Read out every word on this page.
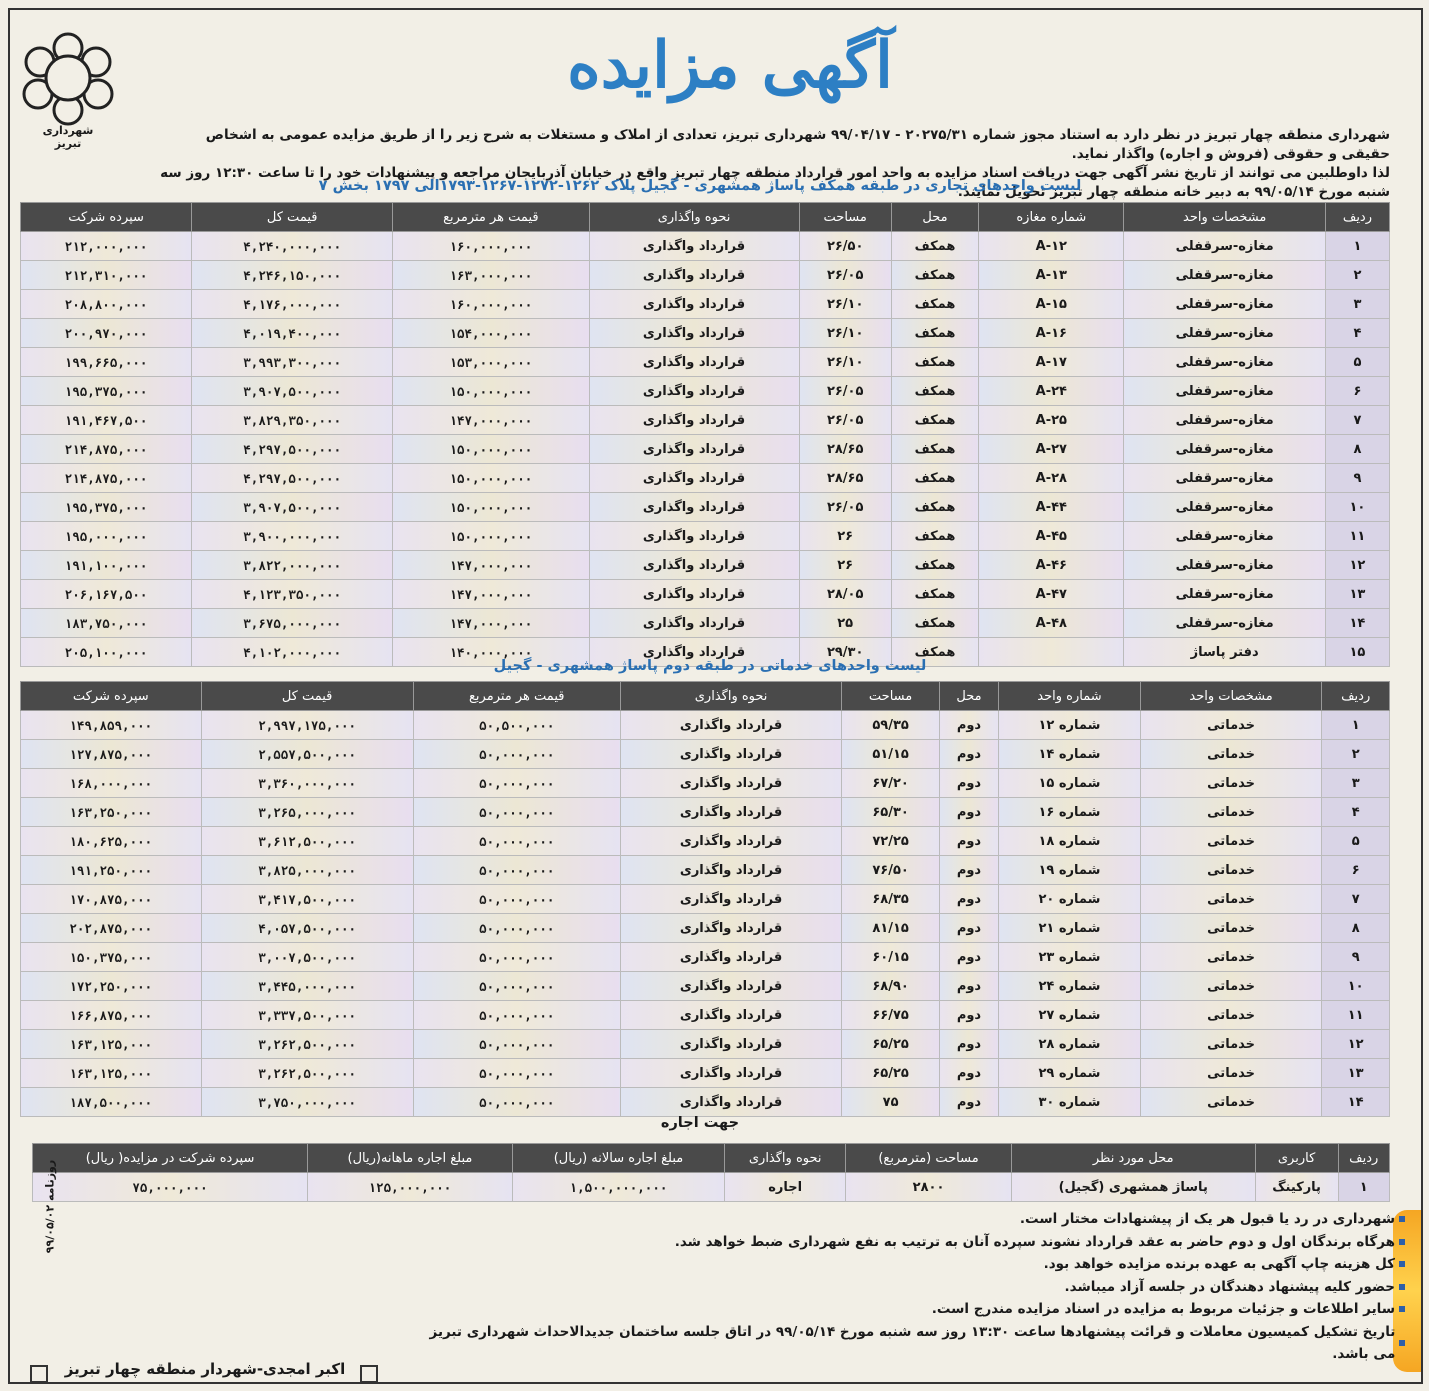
شهرداری تبریز
آگهی مزایده

شهرداری منطقه چهار تبریز در نظر دارد به استناد مجوز شماره ۲۰۲۷۵/۳۱ - ۹۹/۰۴/۱۷ شهرداری تبریز، تعدادی از املاک و مستغلات به شرح زیر را از طریق مزایده عمومی به اشخاص حقیقی و حقوقی (فروش و اجاره) واگذار نماید.

لذا داوطلبین می توانند از تاریخ نشر آگهی جهت دریافت اسناد مزایده به واحد امور قرارداد منطقه چهار تبریز واقع در خیابان آذربایجان مراجعه و پیشنهادات خود را تا ساعت ۱۲:۳۰ روز سه شنبه مورخ ۹۹/۰۵/۱۴ به دبیر خانه منطقه چهار تبریز تحویل نمایند.

لیست واحدهای تجاری در طبقه همکف پاساژ همشهری - گجیل پلاک ۱۲۶۲-۱۲۷۲-۱۲۶۷-۱۷۹۳الی ۱۷۹۷ بخش ۷
ردیف	مشخصات واحد	شماره مغازه	محل	مساحت	نحوه واگذاری	قیمت هر مترمربع	قیمت کل	سپرده شرکت
۱	مغازه-سرقفلی	A-۱۲	همکف	۲۶/۵۰	قرارداد واگذاری	۱۶۰,۰۰۰,۰۰۰	۴,۲۴۰,۰۰۰,۰۰۰	۲۱۲,۰۰۰,۰۰۰
۲	مغازه-سرقفلی	A-۱۳	همکف	۲۶/۰۵	قرارداد واگذاری	۱۶۳,۰۰۰,۰۰۰	۴,۲۴۶,۱۵۰,۰۰۰	۲۱۲,۳۱۰,۰۰۰
۳	مغازه-سرقفلی	A-۱۵	همکف	۲۶/۱۰	قرارداد واگذاری	۱۶۰,۰۰۰,۰۰۰	۴,۱۷۶,۰۰۰,۰۰۰	۲۰۸,۸۰۰,۰۰۰
۴	مغازه-سرقفلی	A-۱۶	همکف	۲۶/۱۰	قرارداد واگذاری	۱۵۴,۰۰۰,۰۰۰	۴,۰۱۹,۴۰۰,۰۰۰	۲۰۰,۹۷۰,۰۰۰
۵	مغازه-سرقفلی	A-۱۷	همکف	۲۶/۱۰	قرارداد واگذاری	۱۵۳,۰۰۰,۰۰۰	۳,۹۹۳,۳۰۰,۰۰۰	۱۹۹,۶۶۵,۰۰۰
۶	مغازه-سرقفلی	A-۲۴	همکف	۲۶/۰۵	قرارداد واگذاری	۱۵۰,۰۰۰,۰۰۰	۳,۹۰۷,۵۰۰,۰۰۰	۱۹۵,۳۷۵,۰۰۰
۷	مغازه-سرقفلی	A-۲۵	همکف	۲۶/۰۵	قرارداد واگذاری	۱۴۷,۰۰۰,۰۰۰	۳,۸۲۹,۳۵۰,۰۰۰	۱۹۱,۴۶۷,۵۰۰
۸	مغازه-سرقفلی	A-۲۷	همکف	۲۸/۶۵	قرارداد واگذاری	۱۵۰,۰۰۰,۰۰۰	۴,۲۹۷,۵۰۰,۰۰۰	۲۱۴,۸۷۵,۰۰۰
۹	مغازه-سرقفلی	A-۲۸	همکف	۲۸/۶۵	قرارداد واگذاری	۱۵۰,۰۰۰,۰۰۰	۴,۲۹۷,۵۰۰,۰۰۰	۲۱۴,۸۷۵,۰۰۰
۱۰	مغازه-سرقفلی	A-۴۴	همکف	۲۶/۰۵	قرارداد واگذاری	۱۵۰,۰۰۰,۰۰۰	۳,۹۰۷,۵۰۰,۰۰۰	۱۹۵,۳۷۵,۰۰۰
۱۱	مغازه-سرقفلی	A-۴۵	همکف	۲۶	قرارداد واگذاری	۱۵۰,۰۰۰,۰۰۰	۳,۹۰۰,۰۰۰,۰۰۰	۱۹۵,۰۰۰,۰۰۰
۱۲	مغازه-سرقفلی	A-۴۶	همکف	۲۶	قرارداد واگذاری	۱۴۷,۰۰۰,۰۰۰	۳,۸۲۲,۰۰۰,۰۰۰	۱۹۱,۱۰۰,۰۰۰
۱۳	مغازه-سرقفلی	A-۴۷	همکف	۲۸/۰۵	قرارداد واگذاری	۱۴۷,۰۰۰,۰۰۰	۴,۱۲۳,۳۵۰,۰۰۰	۲۰۶,۱۶۷,۵۰۰
۱۴	مغازه-سرقفلی	A-۴۸	همکف	۲۵	قرارداد واگذاری	۱۴۷,۰۰۰,۰۰۰	۳,۶۷۵,۰۰۰,۰۰۰	۱۸۳,۷۵۰,۰۰۰
۱۵	دفتر پاساژ		همکف	۲۹/۳۰	قرارداد واگذاری	۱۴۰,۰۰۰,۰۰۰	۴,۱۰۲,۰۰۰,۰۰۰	۲۰۵,۱۰۰,۰۰۰
لیست واحدهای خدماتی در طبقه دوم پاساژ همشهری - گجیل
ردیف	مشخصات واحد	شماره واحد	محل	مساحت	نحوه واگذاری	قیمت هر مترمربع	قیمت کل	سپرده شرکت
۱	خدماتی	شماره ۱۲	دوم	۵۹/۳۵	قرارداد واگذاری	۵۰,۵۰۰,۰۰۰	۲,۹۹۷,۱۷۵,۰۰۰	۱۴۹,۸۵۹,۰۰۰
۲	خدماتی	شماره ۱۴	دوم	۵۱/۱۵	قرارداد واگذاری	۵۰,۰۰۰,۰۰۰	۲,۵۵۷,۵۰۰,۰۰۰	۱۲۷,۸۷۵,۰۰۰
۳	خدماتی	شماره ۱۵	دوم	۶۷/۲۰	قرارداد واگذاری	۵۰,۰۰۰,۰۰۰	۳,۳۶۰,۰۰۰,۰۰۰	۱۶۸,۰۰۰,۰۰۰
۴	خدماتی	شماره ۱۶	دوم	۶۵/۳۰	قرارداد واگذاری	۵۰,۰۰۰,۰۰۰	۳,۲۶۵,۰۰۰,۰۰۰	۱۶۳,۲۵۰,۰۰۰
۵	خدماتی	شماره ۱۸	دوم	۷۲/۲۵	قرارداد واگذاری	۵۰,۰۰۰,۰۰۰	۳,۶۱۲,۵۰۰,۰۰۰	۱۸۰,۶۲۵,۰۰۰
۶	خدماتی	شماره ۱۹	دوم	۷۶/۵۰	قرارداد واگذاری	۵۰,۰۰۰,۰۰۰	۳,۸۲۵,۰۰۰,۰۰۰	۱۹۱,۲۵۰,۰۰۰
۷	خدماتی	شماره ۲۰	دوم	۶۸/۳۵	قرارداد واگذاری	۵۰,۰۰۰,۰۰۰	۳,۴۱۷,۵۰۰,۰۰۰	۱۷۰,۸۷۵,۰۰۰
۸	خدماتی	شماره ۲۱	دوم	۸۱/۱۵	قرارداد واگذاری	۵۰,۰۰۰,۰۰۰	۴,۰۵۷,۵۰۰,۰۰۰	۲۰۲,۸۷۵,۰۰۰
۹	خدماتی	شماره ۲۳	دوم	۶۰/۱۵	قرارداد واگذاری	۵۰,۰۰۰,۰۰۰	۳,۰۰۷,۵۰۰,۰۰۰	۱۵۰,۳۷۵,۰۰۰
۱۰	خدماتی	شماره ۲۴	دوم	۶۸/۹۰	قرارداد واگذاری	۵۰,۰۰۰,۰۰۰	۳,۴۴۵,۰۰۰,۰۰۰	۱۷۲,۲۵۰,۰۰۰
۱۱	خدماتی	شماره ۲۷	دوم	۶۶/۷۵	قرارداد واگذاری	۵۰,۰۰۰,۰۰۰	۳,۳۳۷,۵۰۰,۰۰۰	۱۶۶,۸۷۵,۰۰۰
۱۲	خدماتی	شماره ۲۸	دوم	۶۵/۲۵	قرارداد واگذاری	۵۰,۰۰۰,۰۰۰	۳,۲۶۲,۵۰۰,۰۰۰	۱۶۳,۱۲۵,۰۰۰
۱۳	خدماتی	شماره ۲۹	دوم	۶۵/۲۵	قرارداد واگذاری	۵۰,۰۰۰,۰۰۰	۳,۲۶۲,۵۰۰,۰۰۰	۱۶۳,۱۲۵,۰۰۰
۱۴	خدماتی	شماره ۳۰	دوم	۷۵	قرارداد واگذاری	۵۰,۰۰۰,۰۰۰	۳,۷۵۰,۰۰۰,۰۰۰	۱۸۷,۵۰۰,۰۰۰
جهت اجاره
ردیف	کاربری	محل مورد نظر	مساحت (مترمربع)	نحوه واگذاری	مبلغ اجاره سالانه (ریال)	مبلغ اجاره ماهانه(ریال)	سپرده شرکت در مزایده( ریال)
۱	پارکینگ	پاساژ همشهری (گجیل)	۲۸۰۰	اجاره	۱,۵۰۰,۰۰۰,۰۰۰	۱۲۵,۰۰۰,۰۰۰	۷۵,۰۰۰,۰۰۰
شهرداری در رد یا قبول هر یک از پیشنهادات مختار است.
هرگاه برندگان اول و دوم حاضر به عقد قرارداد نشوند سپرده آنان به ترتیب به نفع شهرداری ضبط خواهد شد.
کل هزینه چاپ آگهی به عهده برنده مزایده خواهد بود.
حضور کلیه پیشنهاد دهندگان در جلسه آزاد میباشد.
سایر اطلاعات و جزئیات مربوط به مزایده در اسناد مزایده مندرج است.
تاریخ تشکیل کمیسیون معاملات و قرائت پیشنهادها ساعت ۱۳:۳۰ روز سه شنبه مورخ ۹۹/۰۵/۱۴ در اتاق جلسه ساختمان جدیدالاحداث شهرداری تبریز می باشد.
اکبر امجدی-شهردار منطقه چهار تبریز
روزنامه ۹۹/۰۵/۰۲
